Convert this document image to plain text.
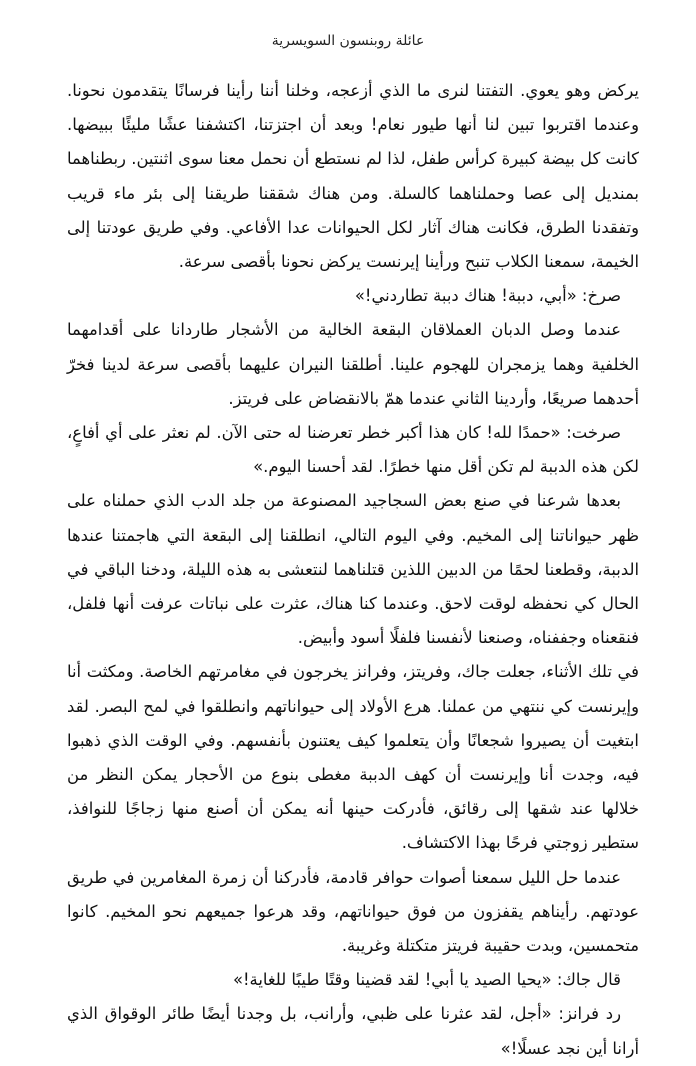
عائلة روبنسون السويسرية

يركض وهو يعوي. التفتنا لنرى ما الذي أزعجه، وخلنا أننا رأينا فرسانًا يتقدمون نحونا. وعندما اقتربوا تبين لنا أنها طيور نعام! وبعد أن اجتزتنا، اكتشفنا عشًا مليئًا ببيضها. كانت كل بيضة كبيرة كرأس طفل، لذا لم نستطع أن نحمل معنا سوى اثنتين. ربطناهما بمنديل إلى عصا وحملناهما كالسلة. ومن هناك شققنا طريقنا إلى بئر ماء قريب وتفقدنا الطرق، فكانت هناك آثار لكل الحيوانات عدا الأفاعي. وفي طريق عودتنا إلى الخيمة، سمعنا الكلاب تنبح ورأينا إيرنست يركض نحونا بأقصى سرعة.

صرخ: «أبي، دببة! هناك دببة تطاردني!»

عندما وصل الدبان العملاقان البقعة الخالية من الأشجار طاردانا على أقدامهما الخلفية وهما يزمجران للهجوم علينا. أطلقنا النيران عليهما بأقصى سرعة لدينا فخرّ أحدهما صريعًا، وأردينا الثاني عندما همّ بالانقضاض على فريتز.

صرخت: «حمدًا لله! كان هذا أكبر خطر تعرضنا له حتى الآن. لم نعثر على أي أفاعٍ، لكن هذه الدببة لم تكن أقل منها خطرًا. لقد أحسنا اليوم.»

بعدها شرعنا في صنع بعض السجاجيد المصنوعة من جلد الدب الذي حملناه على ظهر حيواناتنا إلى المخيم. وفي اليوم التالي، انطلقنا إلى البقعة التي هاجمتنا عندها الدببة، وقطعنا لحمًا من الدبين اللذين قتلناهما لنتعشى به هذه الليلة، ودخنا الباقي في الحال كي نحفظه لوقت لاحق. وعندما كنا هناك، عثرت على نباتات عرفت أنها فلفل، فنقعناه وجففناه، وصنعنا لأنفسنا فلفلًا أسود وأبيض.

في تلك الأثناء، جعلت جاك، وفريتز، وفرانز يخرجون في مغامرتهم الخاصة. ومكثت أنا وإيرنست كي ننتهي من عملنا. هرع الأولاد إلى حيواناتهم وانطلقوا في لمح البصر. لقد ابتغيت أن يصيروا شجعانًا وأن يتعلموا كيف يعتنون بأنفسهم. وفي الوقت الذي ذهبوا فيه، وجدت أنا وإيرنست أن كهف الدببة مغطى بنوع من الأحجار يمكن النظر من خلالها عند شقها إلى رقائق، فأدركت حينها أنه يمكن أن أصنع منها زجاجًا للنوافذ، ستطير زوجتي فرحًا بهذا الاكتشاف.

عندما حل الليل سمعنا أصوات حوافر قادمة، فأدركنا أن زمرة المغامرين في طريق عودتهم. رأيناهم يقفزون من فوق حيواناتهم، وقد هرعوا جميعهم نحو المخيم. كانوا متحمسين، وبدت حقيبة فريتز متكتلة وغريبة.

قال جاك: «يحيا الصيد يا أبي! لقد قضينا وقتًا طيبًا للغاية!»

رد فرانز: «أجل، لقد عثرنا على ظبي، وأرانب، بل وجدنا أيضًا طائر الوقواق الذي أرانا أين نجد عسلًا!»
